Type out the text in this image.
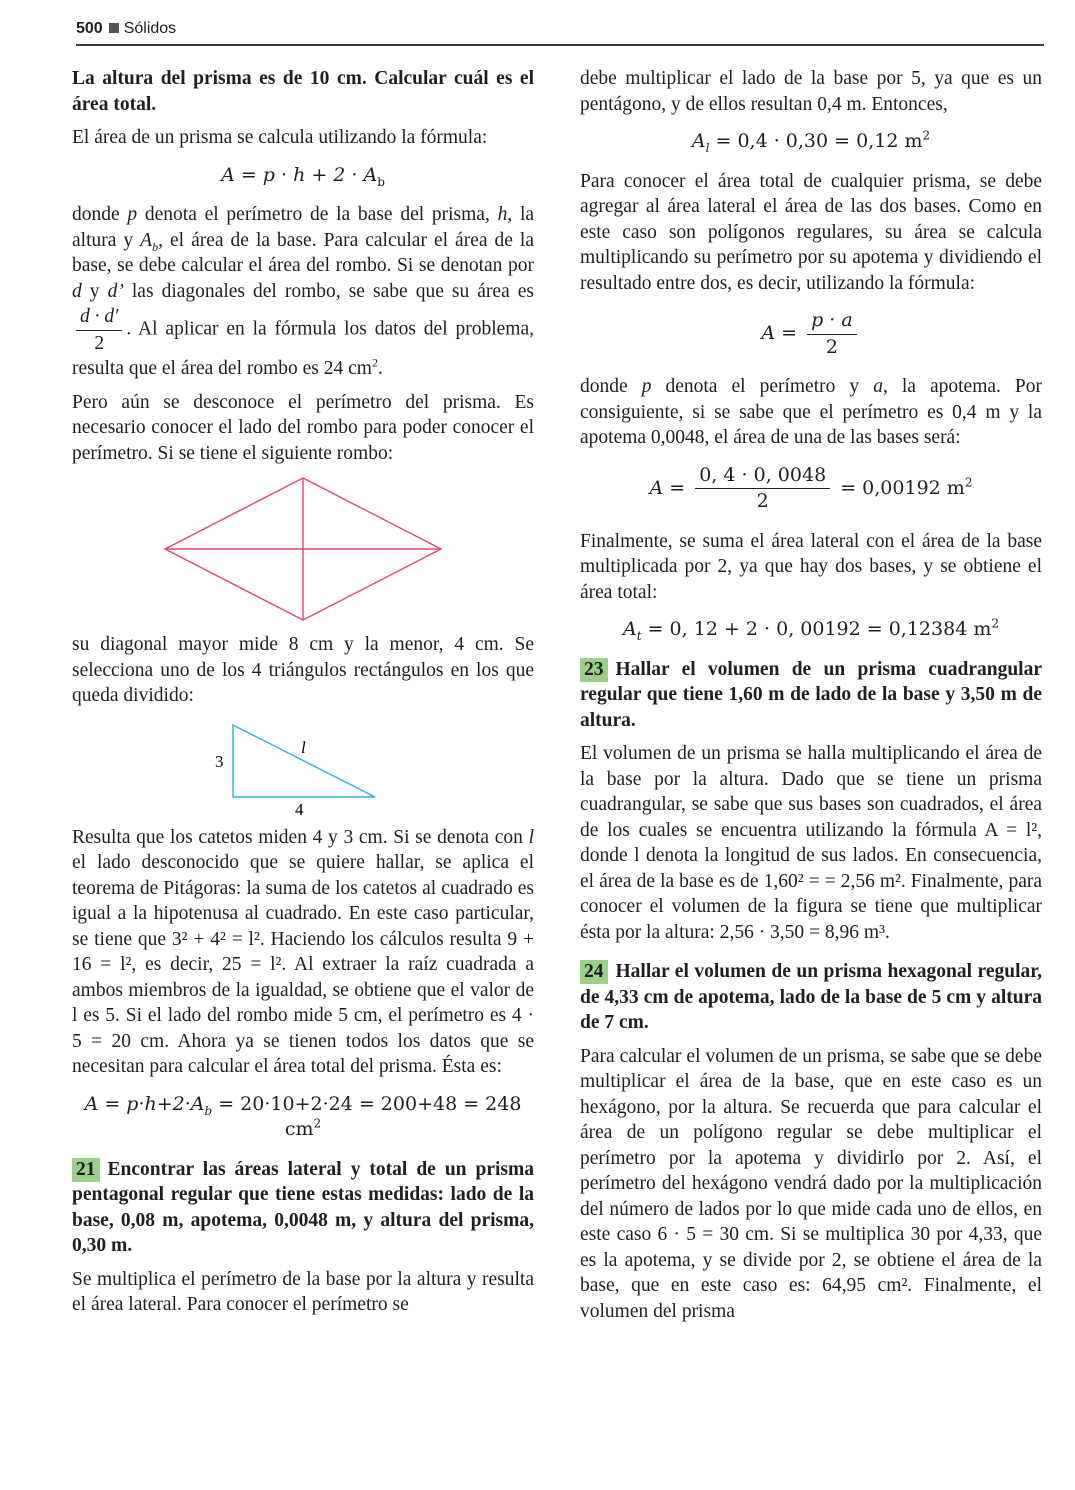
500 Sólidos

La altura del prisma es de 10 cm. Calcular cuál es el área total.

El área de un prisma se calcula utilizando la fórmula:

$A = p \cdot h + 2 \cdot A_b$

donde p denota el perímetro de la base del prisma, h, la altura y $A_b$, el área de la base. Para calcular el área de la base, se debe calcular el área del rombo. Si se denotan por d y d’ las diagonales del rombo, se sabe que su área es
$\frac{d \cdot d'}{2}$ . Al aplicar en la fórmula los datos del problema, resulta que el área del rombo es 24 $cm^2$.

Pero aún se desconoce el perímetro del prisma. Es necesario conocer el lado del rombo para poder conocer el perímetro. Si se tiene el siguiente rombo:

su diagonal mayor mide 8 cm y la menor, 4 cm. Se selecciona uno de los 4 triángulos rectángulos en los que queda dividido:

3
l
4

Resulta que los catetos miden 4 y 3 cm. Si se denota con l el lado desconocido que se quiere hallar, se aplica el teorema de Pitágoras: la suma de los catetos al cuadrado es igual a la hipotenusa al cuadrado. En este caso particular, se tiene que 3² + 4² = l². Haciendo los cálculos resulta 9 + 16 = l², es decir, 25 = l². Al extraer la raíz cuadrada a ambos miembros de la igualdad, se obtiene que el valor de l es 5. Si el lado del rombo mide 5 cm, el perímetro es 4 · 5 = 20 cm. Ahora ya se tienen todos los datos que se necesitan para calcular el área total del prisma. Ésta es:

$A = p\cdot h+2\cdot A_b = 20\cdot 10+2\cdot 24 = 200+48 = 248$ $cm^2$

21 Encontrar las áreas lateral y total de un prisma pentagonal regular que tiene estas medidas: lado de la base, 0,08 m, apotema, 0,0048 m, y altura del prisma, 0,30 m.

Se multiplica el perímetro de la base por la altura y resulta el área lateral. Para conocer el perímetro se

debe multiplicar el lado de la base por 5, ya que es un pentágono, y de ellos resultan 0,4 m. Entonces,

$A_l = 0,4 \cdot 0,30 = 0,12$ $m^2$

Para conocer el área total de cualquier prisma, se debe agregar al área lateral el área de las dos bases. Como en este caso son polígonos regulares, su área se calcula multiplicando su perímetro por su apotema y dividiendo el resultado entre dos, es decir, utilizando la fórmula:

$A = \frac{p \cdot a}{2}$

donde p denota el perímetro y a, la apotema. Por consiguiente, si se sabe que el perímetro es 0,4 m y la apotema 0,0048, el área de una de las bases será:

$A = \frac{0, 4 \cdot 0, 0048}{2} = 0,00192$ $m^2$

Finalmente, se suma el área lateral con el área de la base multiplicada por 2, ya que hay dos bases, y se obtiene el área total:

$A_t = 0$, 12 + 2 · 0, 00192 = 0,12384 $m^2$

23 Hallar el volumen de un prisma cuadrangular regular que tiene 1,60 m de lado de la base y 3,50 m de altura.

El volumen de un prisma se halla multiplicando el área de la base por la altura. Dado que se tiene un prisma cuadrangular, se sabe que sus bases son cuadrados, el área de los cuales se encuentra utilizando la fórmula A = l², donde l denota la longitud de sus lados. En consecuencia, el área de la base es de 1,60² = = 2,56 m². Finalmente, para conocer el volumen de la figura se tiene que multiplicar ésta por la altura: 2,56 · 3,50 = 8,96 m³.

24 Hallar el volumen de un prisma hexagonal regular, de 4,33 cm de apotema, lado de la base de 5 cm y altura de 7 cm.

Para calcular el volumen de un prisma, se sabe que se debe multiplicar el área de la base, que en este caso es un hexágono, por la altura. Se recuerda que para calcular el área de un polígono regular se debe multiplicar el perímetro por la apotema y dividirlo por 2. Así, el perímetro del hexágono vendrá dado por la multiplicación del número de lados por lo que mide cada uno de ellos, en este caso 6 · 5 = 30 cm. Si se multiplica 30 por 4,33, que es la apotema, y se divide por 2, se obtiene el área de la base, que en este caso es: 64,95 cm². Finalmente, el volumen del prisma
